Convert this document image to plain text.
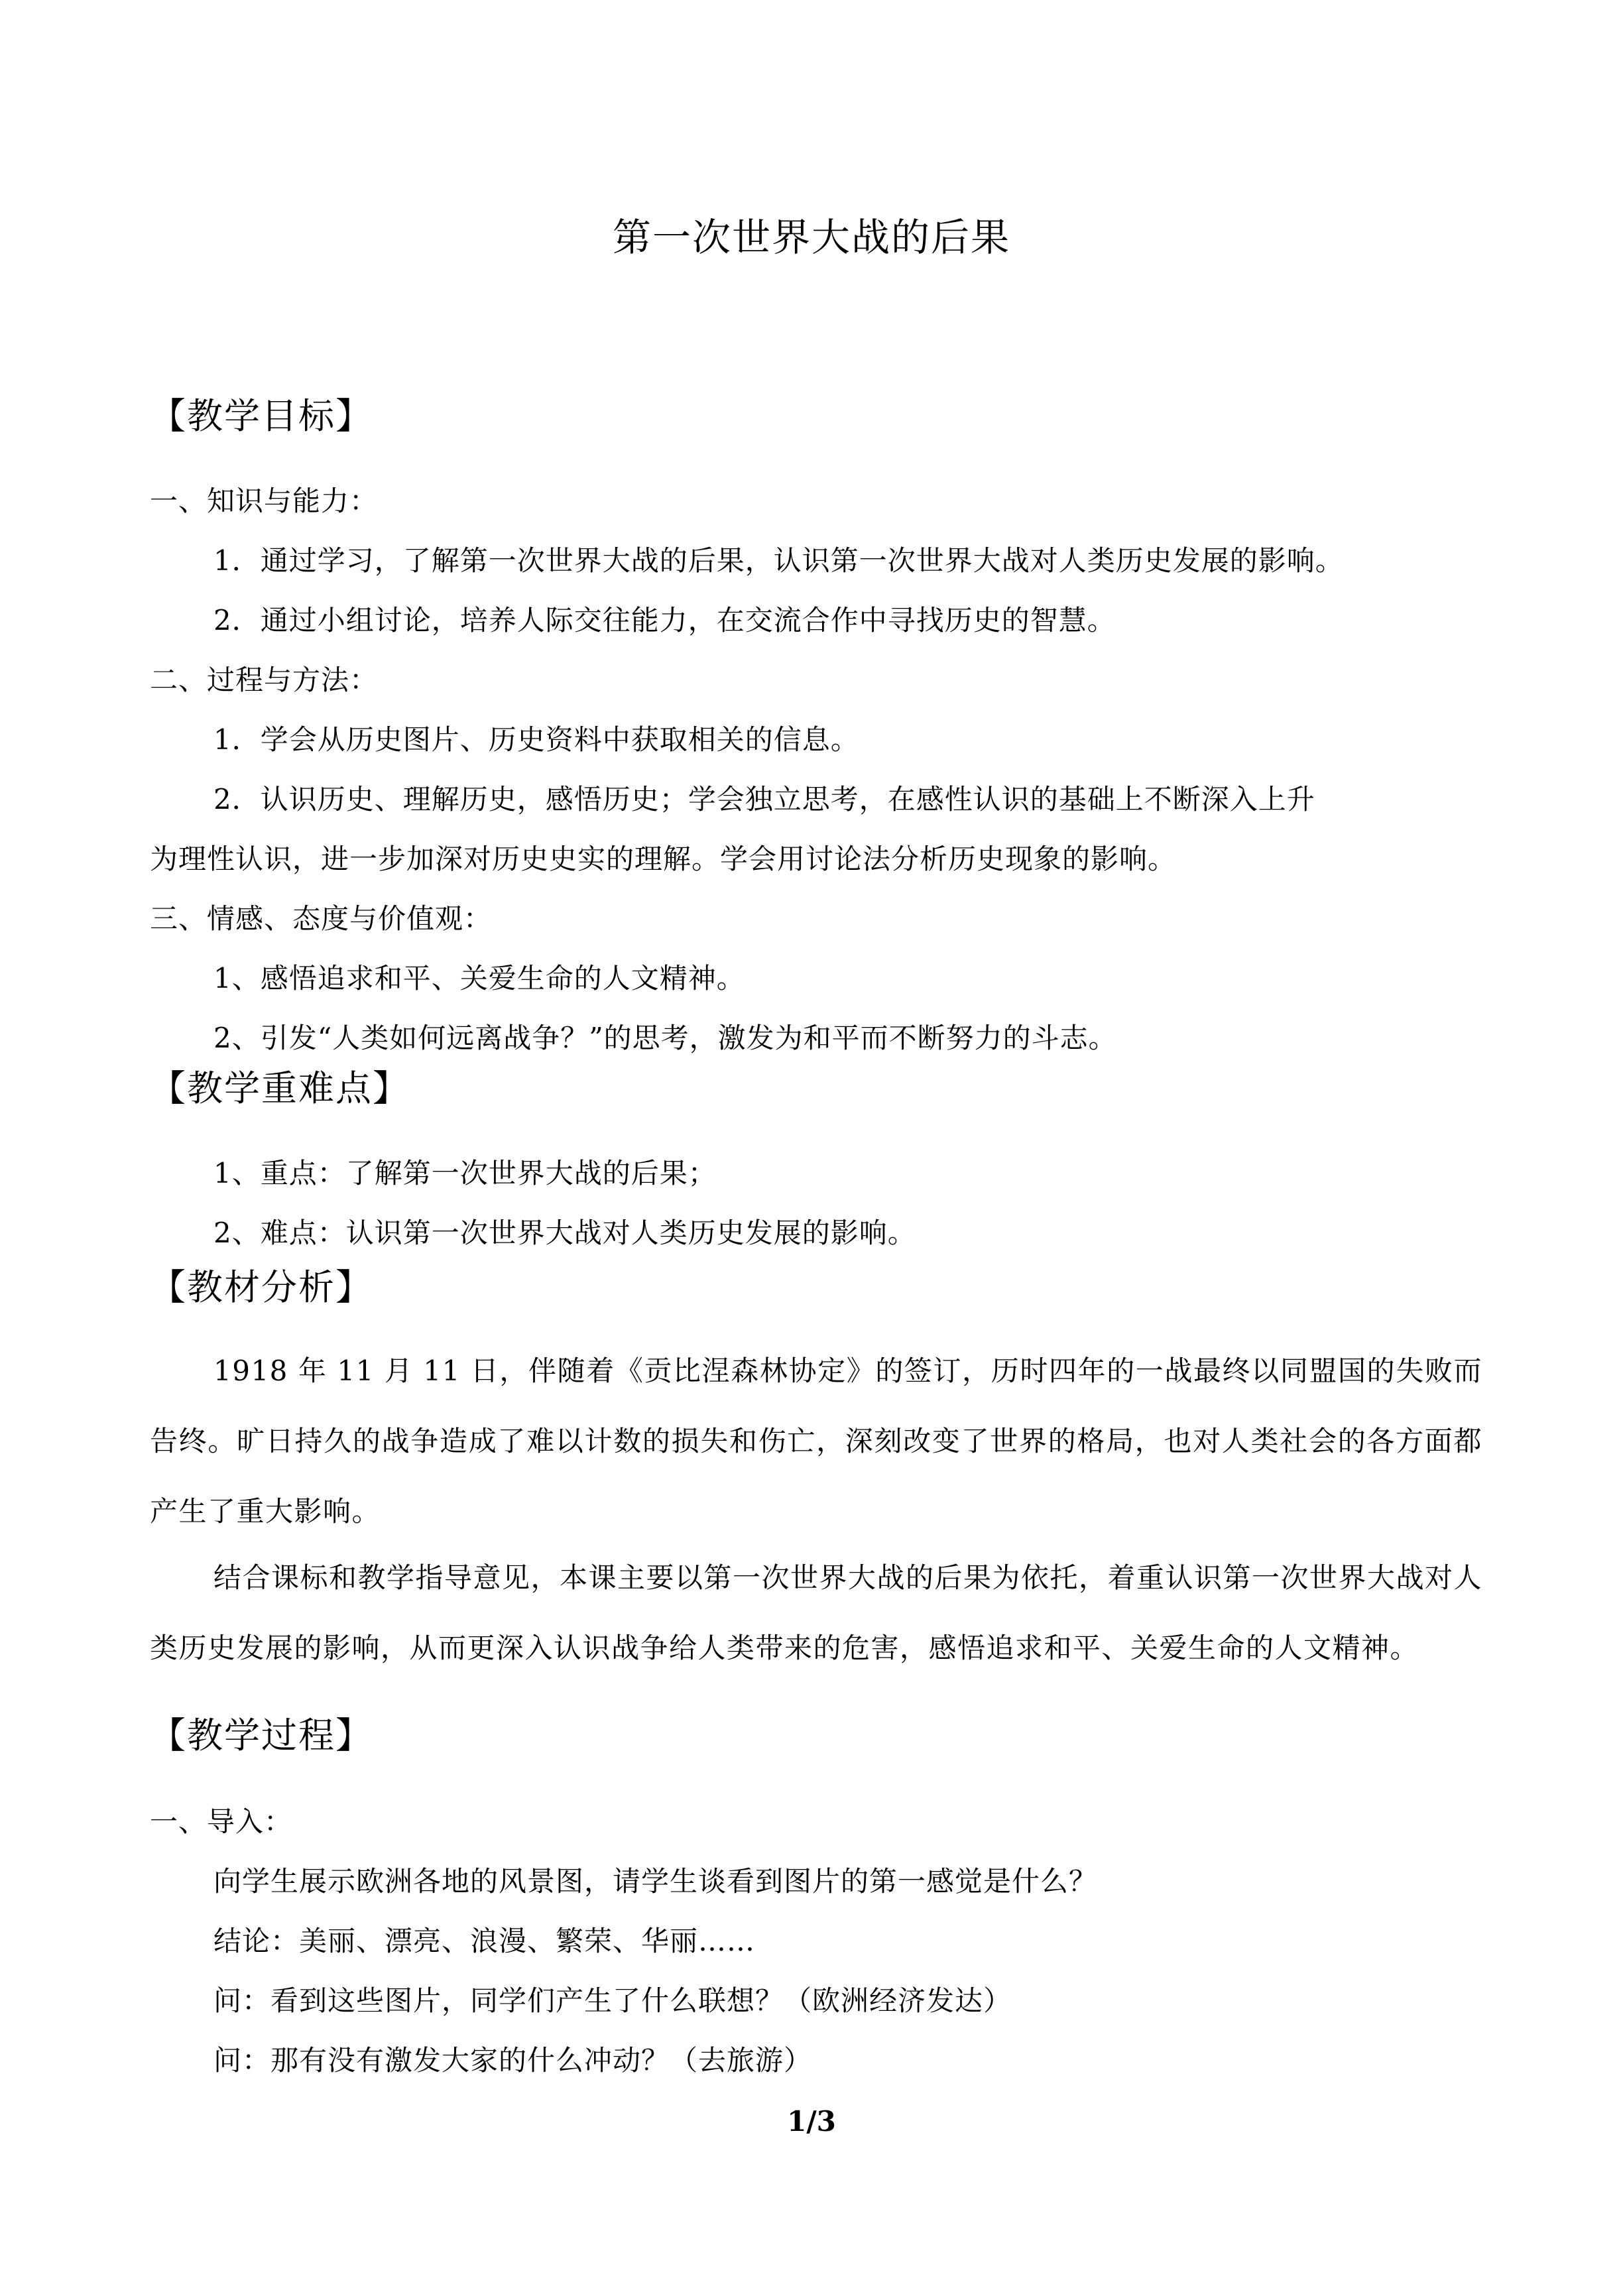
第一次世界大战的后果
【教学目标】
一、知识与能力：
1．通过学习，了解第一次世界大战的后果，认识第一次世界大战对人类历史发展的影响。
2．通过小组讨论，培养人际交往能力，在交流合作中寻找历史的智慧。
二、过程与方法：
1．学会从历史图片、历史资料中获取相关的信息。
2．认识历史、理解历史，感悟历史；学会独立思考，在感性认识的基础上不断深入上升
为理性认识，进一步加深对历史史实的理解。学会用讨论法分析历史现象的影响。
三、情感、态度与价值观：
1、感悟追求和平、关爱生命的人文精神。
2、引发“人类如何远离战争？”的思考，激发为和平而不断努力的斗志。
【教学重难点】
1、重点：了解第一次世界大战的后果；
2、难点：认识第一次世界大战对人类历史发展的影响。
【教材分析】
1918 年 11 月 11 日，伴随着《贡比涅森林协定》的签订，历时四年的一战最终以同盟国的失败而告终。旷日持久的战争造成了难以计数的损失和伤亡，深刻改变了世界的格局，也对人类社会的各方面都产生了重大影响。
结合课标和教学指导意见，本课主要以第一次世界大战的后果为依托，着重认识第一次世界大战对人类历史发展的影响，从而更深入认识战争给人类带来的危害，感悟追求和平、关爱生命的人文精神。
【教学过程】
一、导入：
向学生展示欧洲各地的风景图，请学生谈看到图片的第一感觉是什么？
结论：美丽、漂亮、浪漫、繁荣、华丽……
问：看到这些图片，同学们产生了什么联想？（欧洲经济发达）
问：那有没有激发大家的什么冲动？（去旅游）
1/3
